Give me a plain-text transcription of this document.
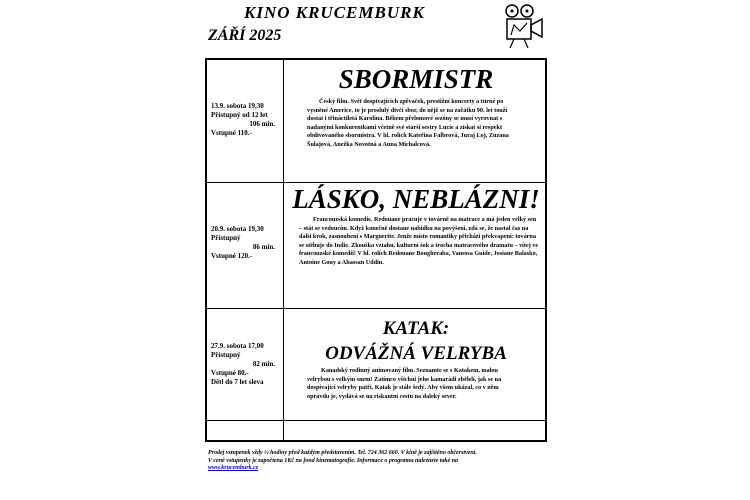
KINO KRUCEMBURK
ZÁŘÍ 2025
13.9. sobota 19,30
Přístupný od 12 let
106 min.
Vstupné 110.-
SBORMISTR
Český film. Svět dospívajících zpěvaček, prestižní koncerty a turné po vysněné Americe, to je proslulý dívčí sbor, do nějž se na začátku 90. let touží dostat i třináctiletá Karolína. Během přelomové sezóny se musí vyrovnat s nadanými konkurentkami včetně své starší sestry Lucie a získat si respekt obdivovaného sbormistra. V hl. rolích Kateřina Falbrová, Juraj Loj, Zuzana Šulajová, Anežka Novotná a Anna Michalcová.
20.9. sobota 19,30
Přístupný
86 min.
Vstupné 120.-
LÁSKO, NEBLÁZNI!
Francouzská komedie. Redouane pracuje v továrně na matrace a má jeden velký sen – stát se vedoucím. Když konečně dostane nabídku na povýšení, zdá se, že nastal čas na další krok, zasnoubení s Marguerite. Jenže místo romantiky přichází překvapení: továrna se stěhuje do Indie. Zkouška vztahu, kulturní šok a trocha matracového dramatu – vítej ve francouzské komedii! V hl. rolích Redouane Bougheraba, Vanessa Guide, Josiane Balasko, Antoine Gouy a Ahassan Uddin.
27.9. sobota 17,00
Přístupný
82 min.
Vstupné 80.-
Děti do 7 let sleva
KATAK:
ODVÁŽNÁ VELRYBA
Kanadský rodinný animovaný film. Seznamte se s Katakem, malou velrybou s velkým snem! Zatímco všichni jeho kamarádi zbělelí, jak se na dospívající velryby patří, Katak je stále šedý. Aby všem ukázal, co v něm opravdu je, vydává se na riskantní cestu na daleký sever.
Prodej vstupenek vždy ½ hodiny před každým představením. Tel. 724 362 660. V kině je zajištěno občerstvení.
V ceně vstupenky je započtena 1Kč na fond kinematografie. Informace o programu naleznete také na
www.krucemburk.cz
